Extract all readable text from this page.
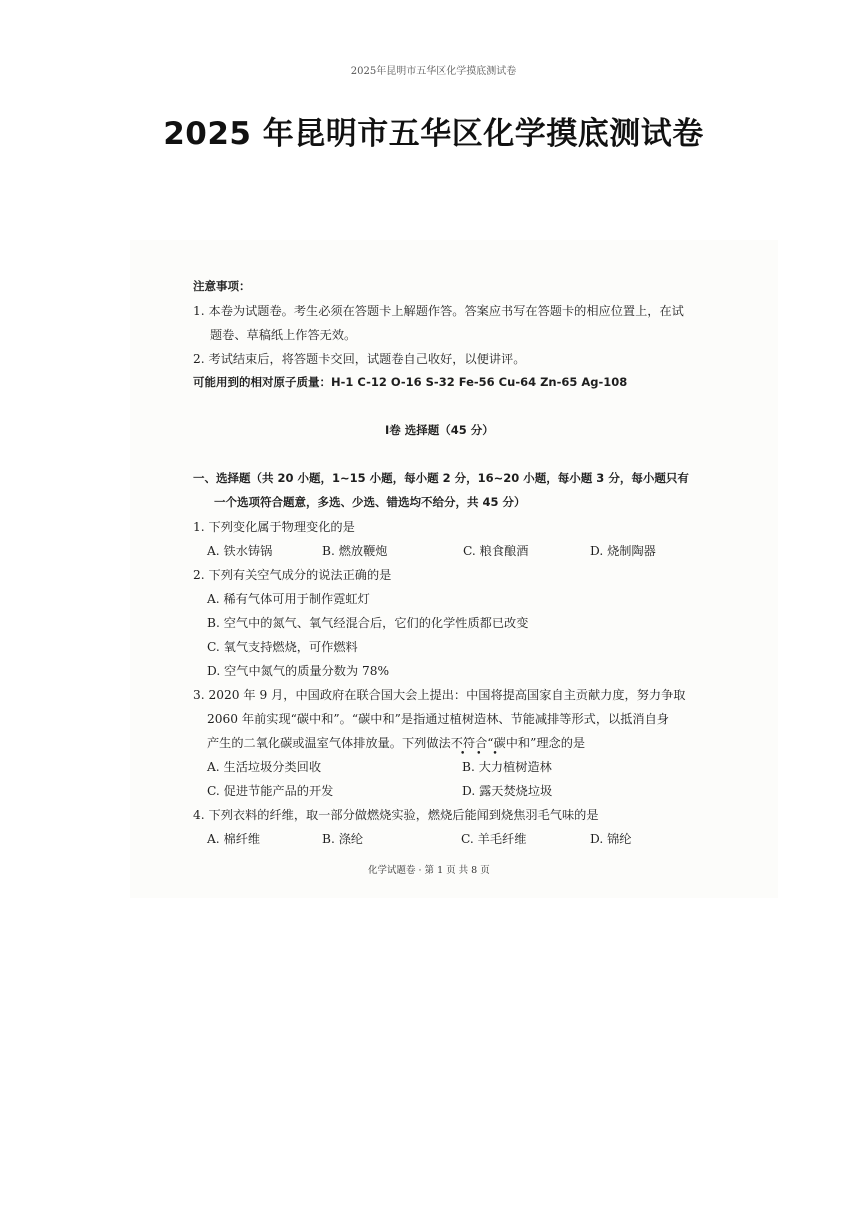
2025年昆明市五华区化学摸底测试卷
2025 年昆明市五华区化学摸底测试卷
注意事项：
1. 本卷为试题卷。考生必须在答题卡上解题作答。答案应书写在答题卡的相应位置上，在试
题卷、草稿纸上作答无效。
2. 考试结束后，将答题卡交回，试题卷自己收好，以便讲评。
可能用到的相对原子质量：H-1 C-12 O-16 S-32 Fe-56 Cu-64 Zn-65 Ag-108
Ⅰ卷 选择题（45 分）
一、选择题（共 20 小题，1~15 小题，每小题 2 分，16~20 小题，每小题 3 分，每小题只有
一个选项符合题意，多选、少选、错选均不给分，共 45 分）
1. 下列变化属于物理变化的是
A. 铁水铸锅	B. 燃放鞭炮	C. 粮食酿酒	D. 烧制陶器
2. 下列有关空气成分的说法正确的是
A. 稀有气体可用于制作霓虹灯
B. 空气中的氮气、氧气经混合后，它们的化学性质都已改变
C. 氧气支持燃烧，可作燃料
D. 空气中氮气的质量分数为 78%
3. 2020 年 9 月，中国政府在联合国大会上提出：中国将提高国家自主贡献力度，努力争取
2060 年前实现“碳中和”。“碳中和”是指通过植树造林、节能减排等形式，以抵消自身
产生的二氧化碳或温室气体排放量。下列做法不符合“碳中和”理念的是
• • •
A. 生活垃圾分类回收	B. 大力植树造林
C. 促进节能产品的开发	D. 露天焚烧垃圾
4. 下列衣料的纤维，取一部分做燃烧实验，燃烧后能闻到烧焦羽毛气味的是
A. 棉纤维	B. 涤纶	C. 羊毛纤维	D. 锦纶
化学试题卷 · 第 1 页 共 8 页
